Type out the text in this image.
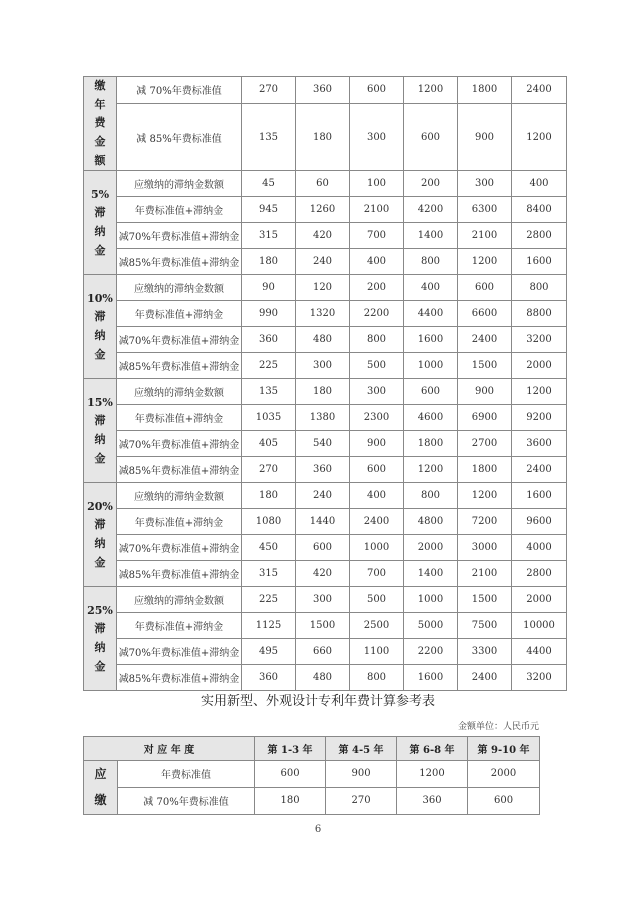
缴
年
费
金
额	减 70%年费标准值	270	360	600	1200	1800	2400
	减 85%年费标准值	135	180	300	600	900	1200

5%
滞
纳
金	应缴纳的滞纳金数额	45	60	100	200	300	400
	年费标准值+滞纳金	945	1260	2100	4200	6300	8400
	减70%年费标准值+滞纳金	315	420	700	1400	2100	2800
	减85%年费标准值+滞纳金	180	240	400	800	1200	1600

10%
滞
纳
金	应缴纳的滞纳金数额	90	120	200	400	600	800
	年费标准值+滞纳金	990	1320	2200	4400	6600	8800
	减70%年费标准值+滞纳金	360	480	800	1600	2400	3200
	减85%年费标准值+滞纳金	225	300	500	1000	1500	2000

15%
滞
纳
金	应缴纳的滞纳金数额	135	180	300	600	900	1200
	年费标准值+滞纳金	1035	1380	2300	4600	6900	9200
	减70%年费标准值+滞纳金	405	540	900	1800	2700	3600
	减85%年费标准值+滞纳金	270	360	600	1200	1800	2400

20%
滞
纳
金	应缴纳的滞纳金数额	180	240	400	800	1200	1600
	年费标准值+滞纳金	1080	1440	2400	4800	7200	9600
	减70%年费标准值+滞纳金	450	600	1000	2000	3000	4000
	减85%年费标准值+滞纳金	315	420	700	1400	2100	2800

25%
滞
纳
金	应缴纳的滞纳金数额	225	300	500	1000	1500	2000
	年费标准值+滞纳金	1125	1500	2500	5000	7500	10000
	减70%年费标准值+滞纳金	495	660	1100	2200	3300	4400
	减85%年费标准值+滞纳金	360	480	800	1600	2400	3200
实用新型、外观设计专利年费计算参考表
金额单位：人民币元
对 应 年 度		第 1-3 年	第 4-5 年	第 6-8 年	第 9-10 年

应
缴	年费标准值	600	900	1200	2000
	减 70%年费标准值	180	270	360	600
6
